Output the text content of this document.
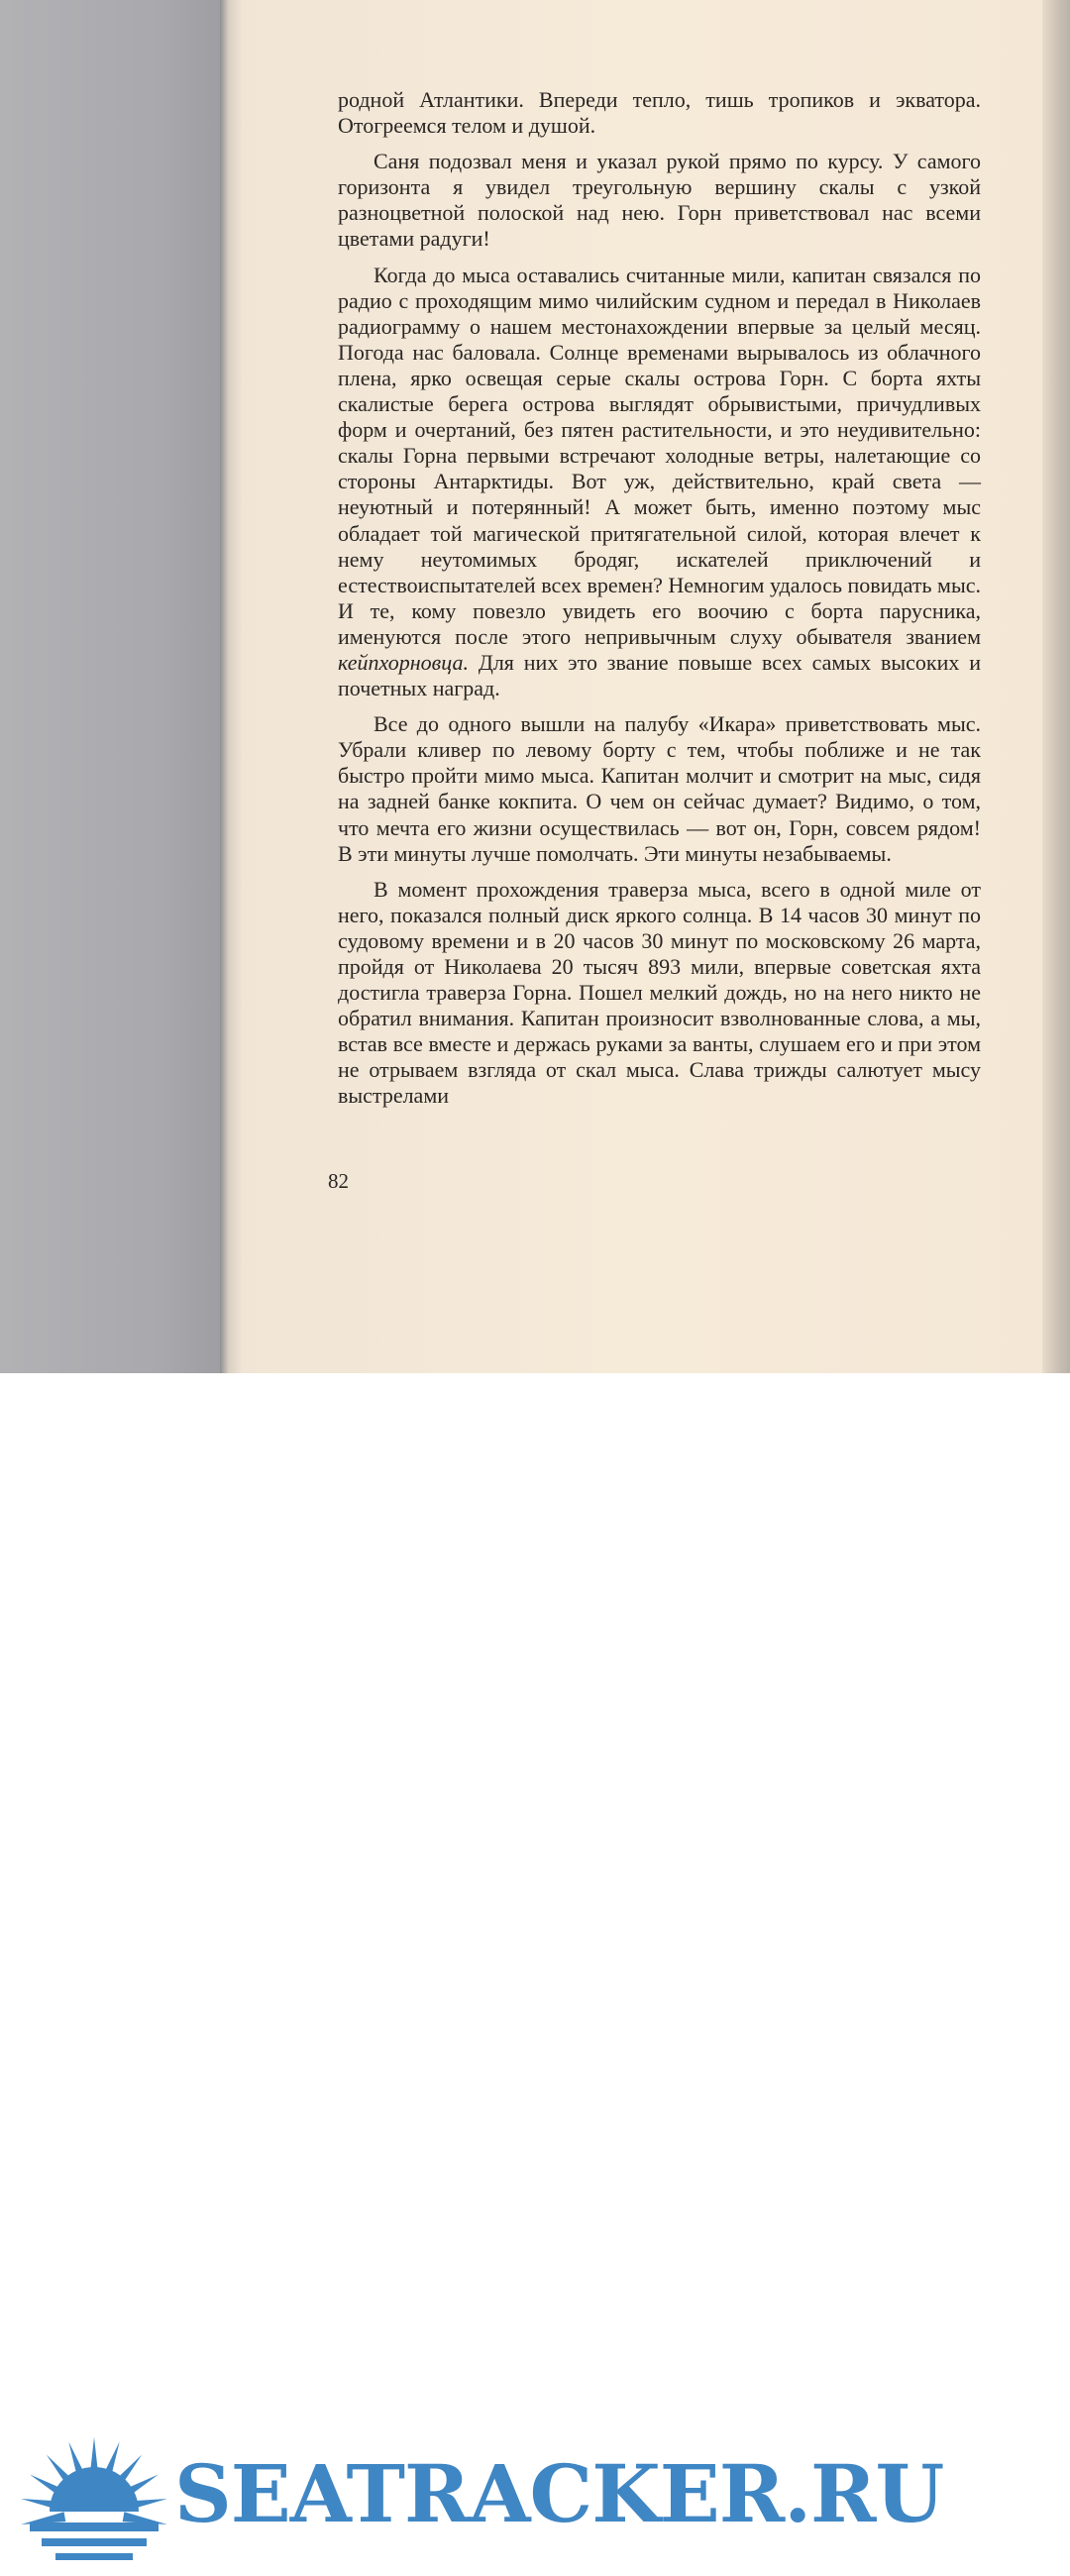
родной Атлантики. Впереди тепло, тишь тропиков и экватора. Отогреемся телом и душой.

Саня подозвал меня и указал рукой прямо по курсу. У самого горизонта я увидел треугольную вершину скалы с узкой разноцветной полоской над нею. Горн приветствовал нас всеми цветами радуги!

Когда до мыса оставались считанные мили, капитан связался по радио с проходящим мимо чилийским судном и передал в Николаев радиограмму о нашем местонахождении впервые за целый месяц. Погода нас баловала. Солнце временами вырывалось из облачного плена, ярко освещая серые скалы острова Горн. С борта яхты скалистые берега острова выглядят обрывистыми, причудливых форм и очертаний, без пятен растительности, и это неудивительно: скалы Горна первыми встречают холодные ветры, налетающие со стороны Антарктиды. Вот уж, действительно, край света — неуютный и потерянный! А может быть, именно поэтому мыс обладает той магической притягательной силой, которая влечет к нему неутомимых бродяг, искателей приключений и естествоиспытателей всех времен? Немногим удалось повидать мыс. И те, кому повезло увидеть его воочию с борта парусника, именуются после этого непривычным слуху обывателя званием кейпхорновца. Для них это звание повыше всех самых высоких и почетных наград.

Все до одного вышли на палубу «Икара» приветствовать мыс. Убрали кливер по левому борту с тем, чтобы поближе и не так быстро пройти мимо мыса. Капитан молчит и смотрит на мыс, сидя на задней банке кокпита. О чем он сейчас думает? Видимо, о том, что мечта его жизни осуществилась — вот он, Горн, совсем рядом! В эти минуты лучше помолчать. Эти минуты незабываемы.

В момент прохождения траверза мыса, всего в одной миле от него, показался полный диск яркого солнца. В 14 часов 30 минут по судовому времени и в 20 часов 30 минут по московскому 26 марта, пройдя от Николаева 20 тысяч 893 мили, впервые советская яхта достигла траверза Горна. Пошел мелкий дождь, но на него никто не обратил внимания. Капитан произносит взволнованные слова, а мы, встав все вместе и держась руками за ванты, слушаем его и при этом не отрываем взгляда от скал мыса. Слава трижды салютует мысу выстрелами

82
SEATRACKER.RU
